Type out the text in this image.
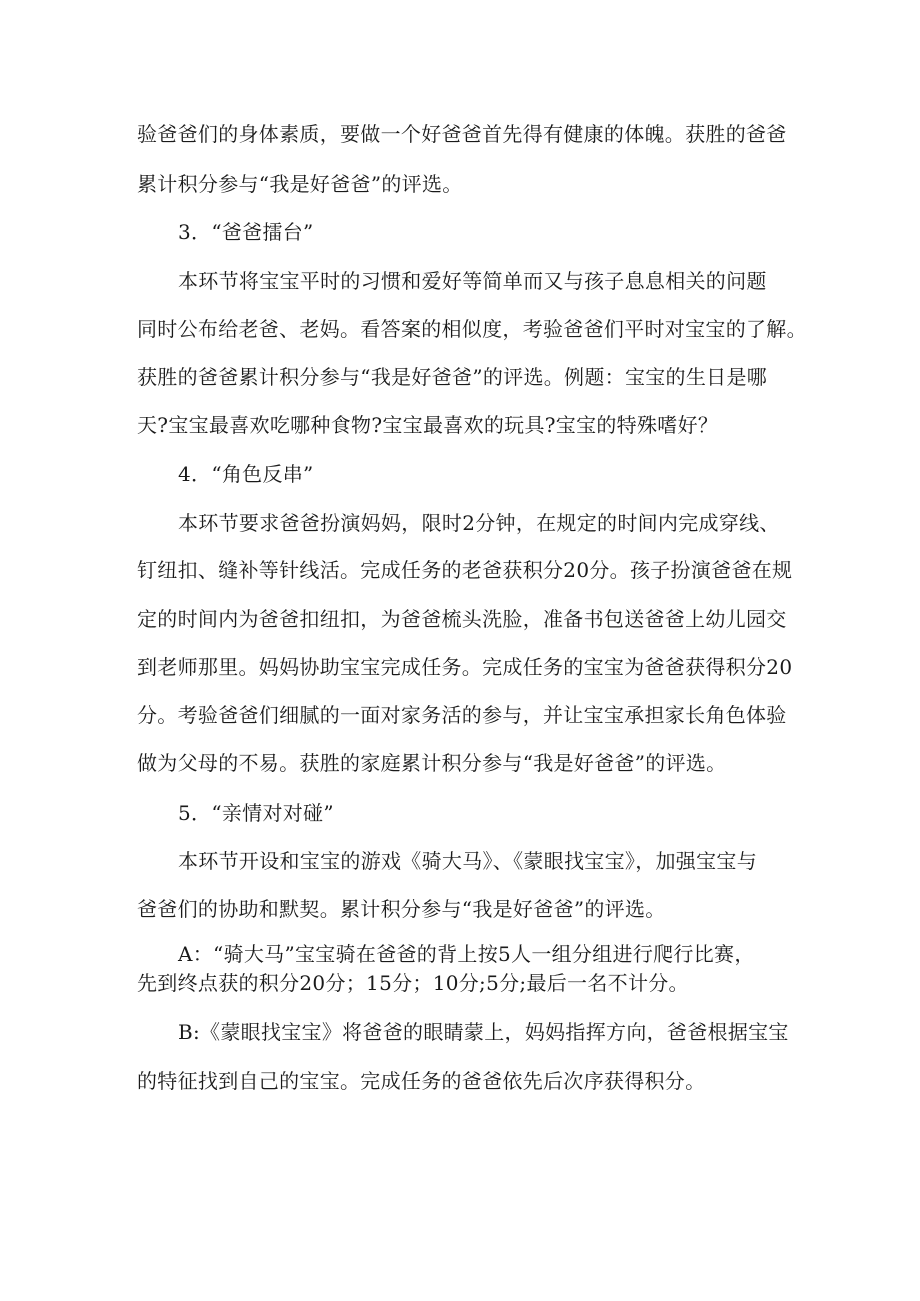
验爸爸们的身体素质，要做一个好爸爸首先得有健康的体魄。获胜的爸爸
累计积分参与“我是好爸爸”的评选。
3．“爸爸擂台”
本环节将宝宝平时的习惯和爱好等简单而又与孩子息息相关的问题
同时公布给老爸、老妈。看答案的相似度，考验爸爸们平时对宝宝的了解。
获胜的爸爸累计积分参与“我是好爸爸”的评选。例题：宝宝的生日是哪
天?宝宝最喜欢吃哪种食物?宝宝最喜欢的玩具?宝宝的特殊嗜好？
4．“角色反串”
本环节要求爸爸扮演妈妈，限时2分钟，在规定的时间内完成穿线、
钉纽扣、缝补等针线活。完成任务的老爸获积分20分。孩子扮演爸爸在规
定的时间内为爸爸扣纽扣，为爸爸梳头洗脸，准备书包送爸爸上幼儿园交
到老师那里。妈妈协助宝宝完成任务。完成任务的宝宝为爸爸获得积分20
分。考验爸爸们细腻的一面对家务活的参与，并让宝宝承担家长角色体验
做为父母的不易。获胜的家庭累计积分参与“我是好爸爸”的评选。
5．“亲情对对碰”
本环节开设和宝宝的游戏《骑大马》、《蒙眼找宝宝》，加强宝宝与
爸爸们的协助和默契。累计积分参与“我是好爸爸”的评选。
A：“骑大马”宝宝骑在爸爸的背上按5人一组分组进行爬行比赛，
先到终点获的积分20分；15分；10分;5分;最后一名不计分。
B:《蒙眼找宝宝》将爸爸的眼睛蒙上，妈妈指挥方向，爸爸根据宝宝
的特征找到自己的宝宝。完成任务的爸爸依先后次序获得积分。
